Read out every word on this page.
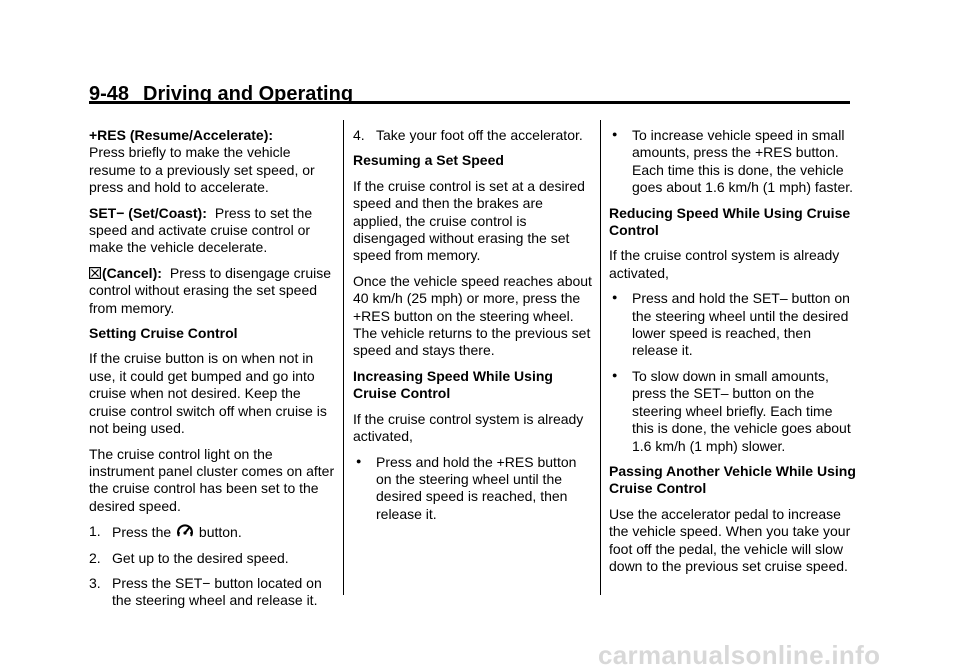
9-48 Driving and Operating

+RES (Resume/Accelerate):
Press briefly to make the vehicle resume to a previously set speed, or press and hold to accelerate.

SET− (Set/Coast): Press to set the speed and activate cruise control or make the vehicle decelerate.

(Cancel): Press to disengage cruise control without erasing the set speed from memory.

Setting Cruise Control

If the cruise button is on when not in use, it could get bumped and go into cruise when not desired. Keep the cruise control switch off when cruise is not being used.

The cruise control light on the instrument panel cluster comes on after the cruise control has been set to the desired speed.

1. Press the button.
2. Get up to the desired speed.
3. Press the SET− button located on the steering wheel and release it.
4. Take your foot off the accelerator.

Resuming a Set Speed

If the cruise control is set at a desired speed and then the brakes are applied, the cruise control is disengaged without erasing the set speed from memory.

Once the vehicle speed reaches about 40 km/h (25 mph) or more, press the +RES button on the steering wheel. The vehicle returns to the previous set speed and stays there.

Increasing Speed While Using Cruise Control

If the cruise control system is already activated,

● Press and hold the +RES button on the steering wheel until the desired speed is reached, then release it.
● To increase vehicle speed in small amounts, press the +RES button. Each time this is done, the vehicle goes about 1.6 km/h (1 mph) faster.

Reducing Speed While Using Cruise Control

If the cruise control system is already activated,

● Press and hold the SET– button on the steering wheel until the desired lower speed is reached, then release it.
● To slow down in small amounts, press the SET– button on the steering wheel briefly. Each time this is done, the vehicle goes about 1.6 km/h (1 mph) slower.

Passing Another Vehicle While Using Cruise Control

Use the accelerator pedal to increase the vehicle speed. When you take your foot off the pedal, the vehicle will slow down to the previous set cruise speed.

carmanualsonline.info
